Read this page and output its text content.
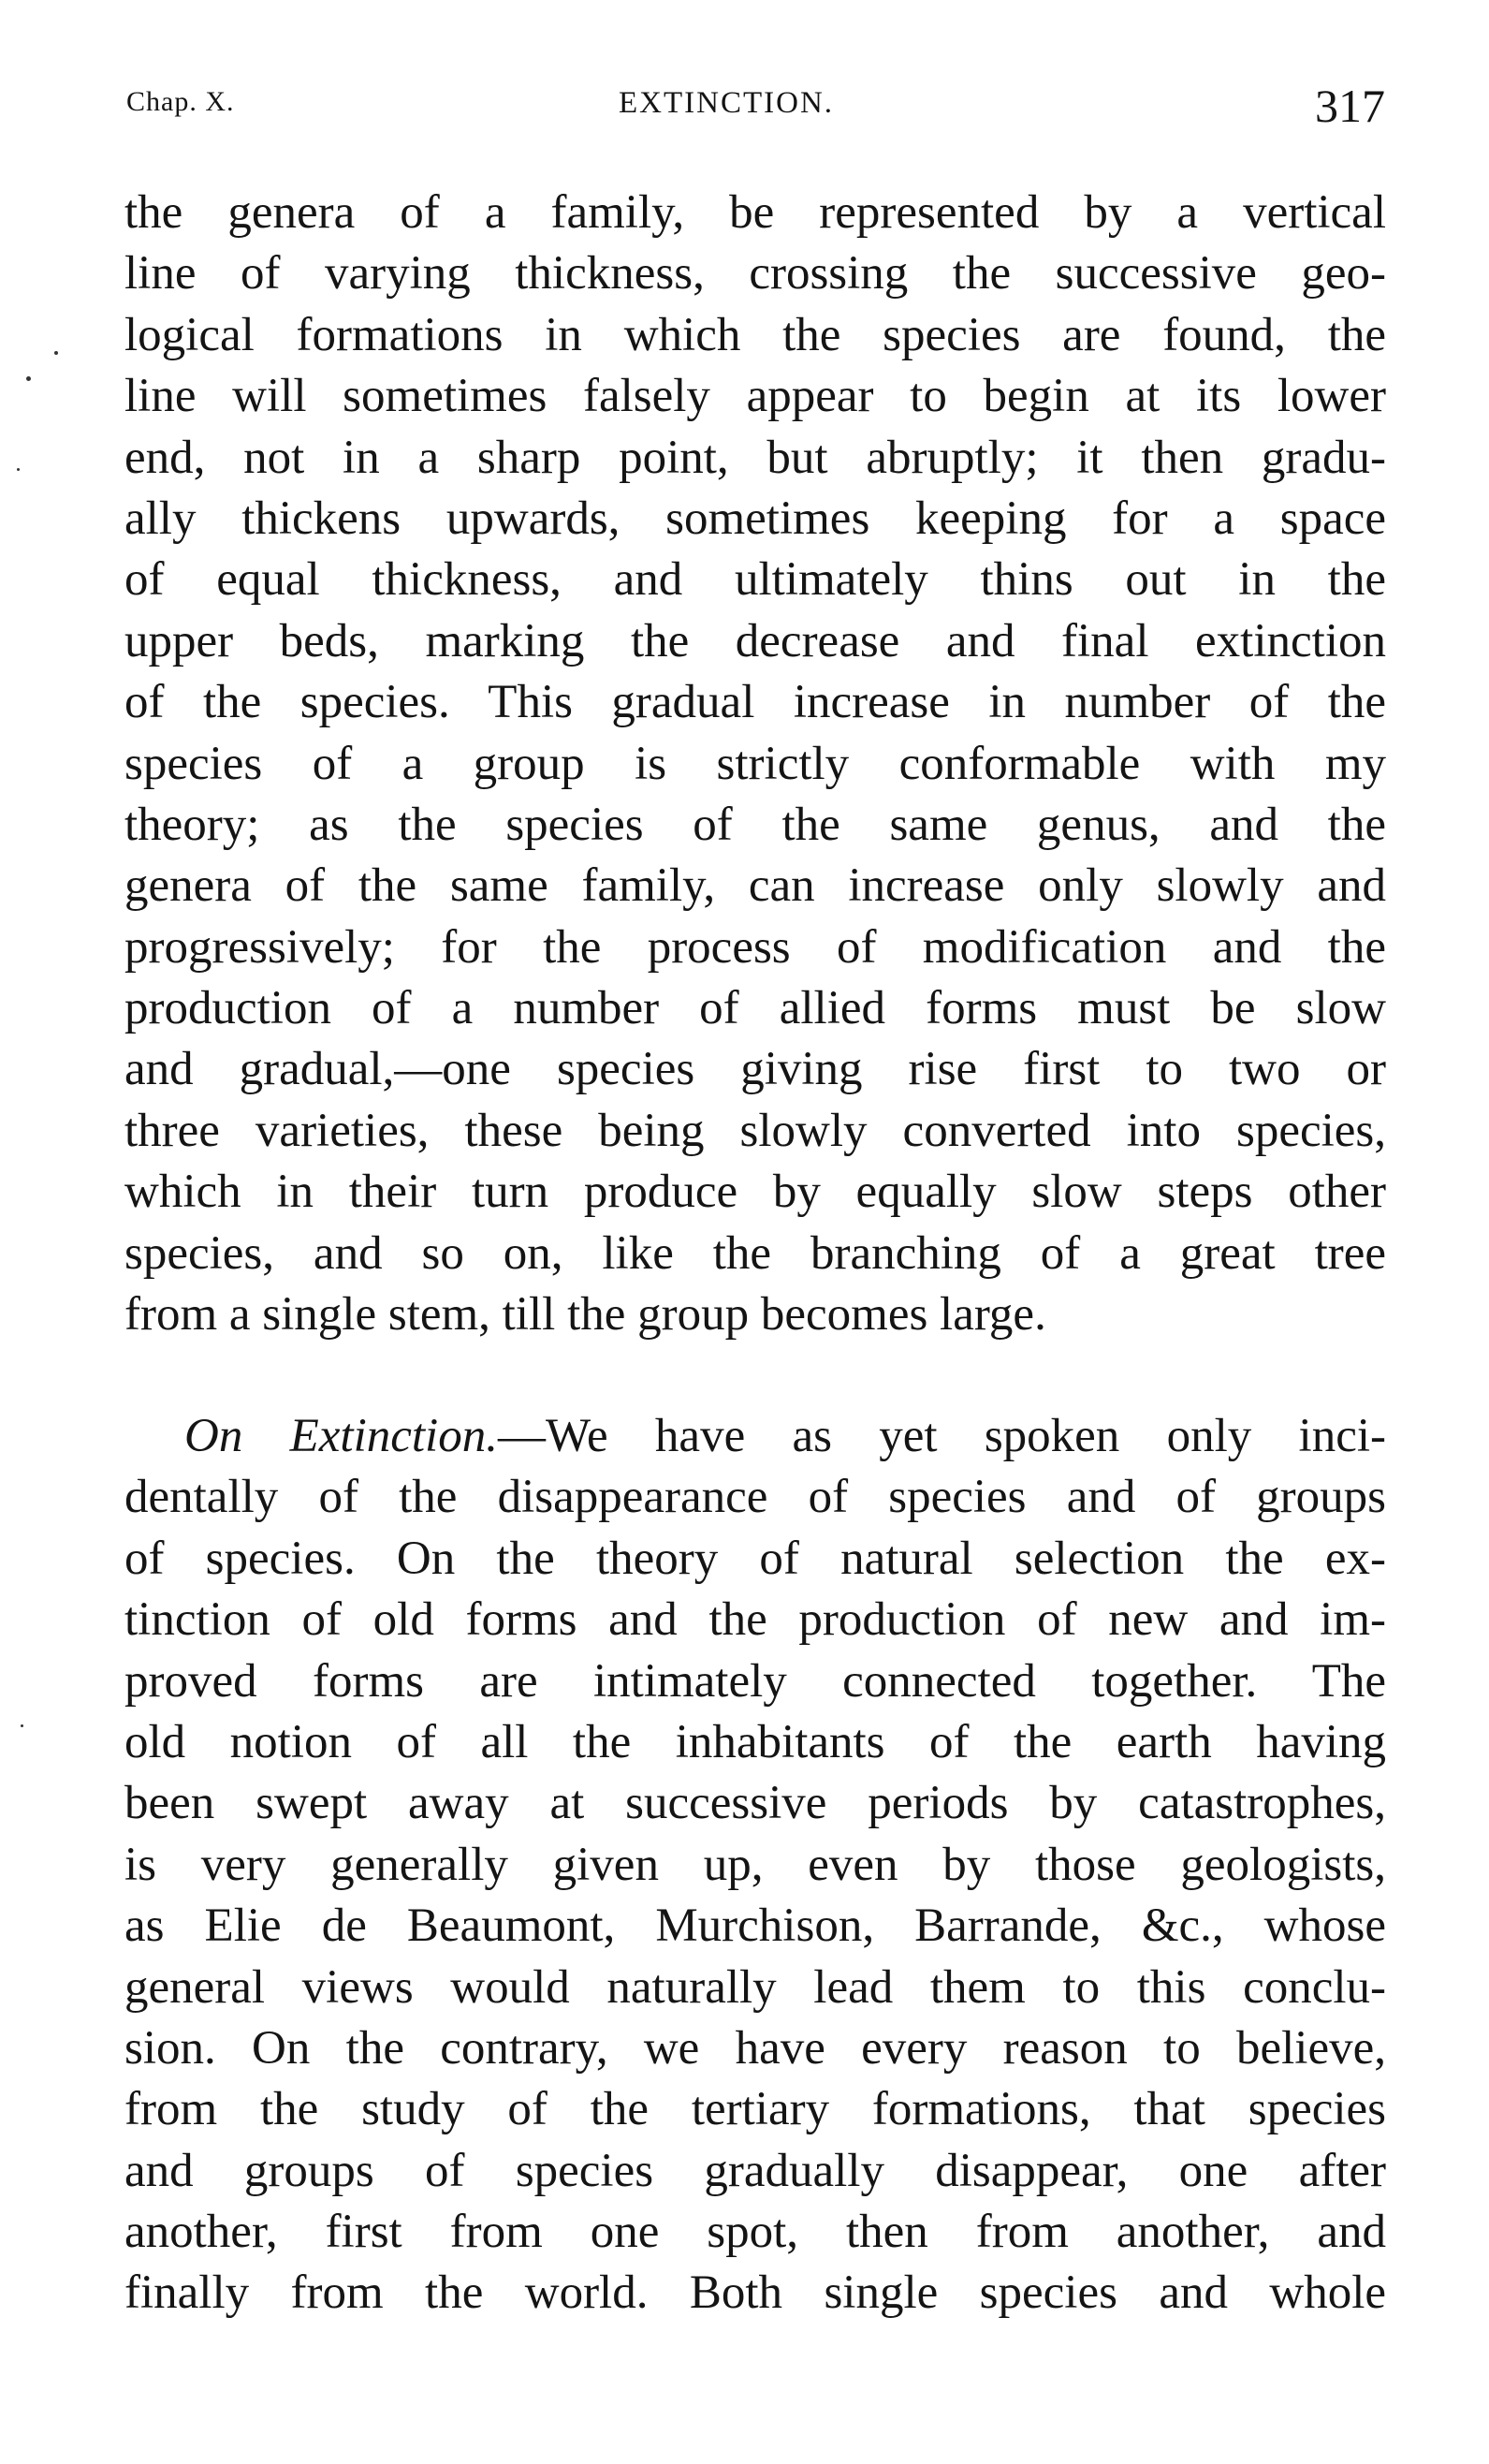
Chap. X.	EXTINCTION.	317
the genera of a family, be represented by a vertical
line of varying thickness, crossing the successive geo-
logical formations in which the species are found, the
line will sometimes falsely appear to begin at its lower
end, not in a sharp point, but abruptly; it then gradu-
ally thickens upwards, sometimes keeping for a space
of equal thickness, and ultimately thins out in the
upper beds, marking the decrease and final extinction
of the species. This gradual increase in number of the
species of a group is strictly conformable with my
theory; as the species of the same genus, and the
genera of the same family, can increase only slowly and
progressively; for the process of modification and the
production of a number of allied forms must be slow
and gradual,—one species giving rise first to two or
three varieties, these being slowly converted into species,
which in their turn produce by equally slow steps other
species, and so on, like the branching of a great tree
from a single stem, till the group becomes large.
On Extinction.—We have as yet spoken only inci-
dentally of the disappearance of species and of groups
of species. On the theory of natural selection the ex-
tinction of old forms and the production of new and im-
proved forms are intimately connected together. The
old notion of all the inhabitants of the earth having
been swept away at successive periods by catastrophes,
is very generally given up, even by those geologists,
as Elie de Beaumont, Murchison, Barrande, &c., whose
general views would naturally lead them to this conclu-
sion. On the contrary, we have every reason to believe,
from the study of the tertiary formations, that species
and groups of species gradually disappear, one after
another, first from one spot, then from another, and
finally from the world. Both single species and whole
